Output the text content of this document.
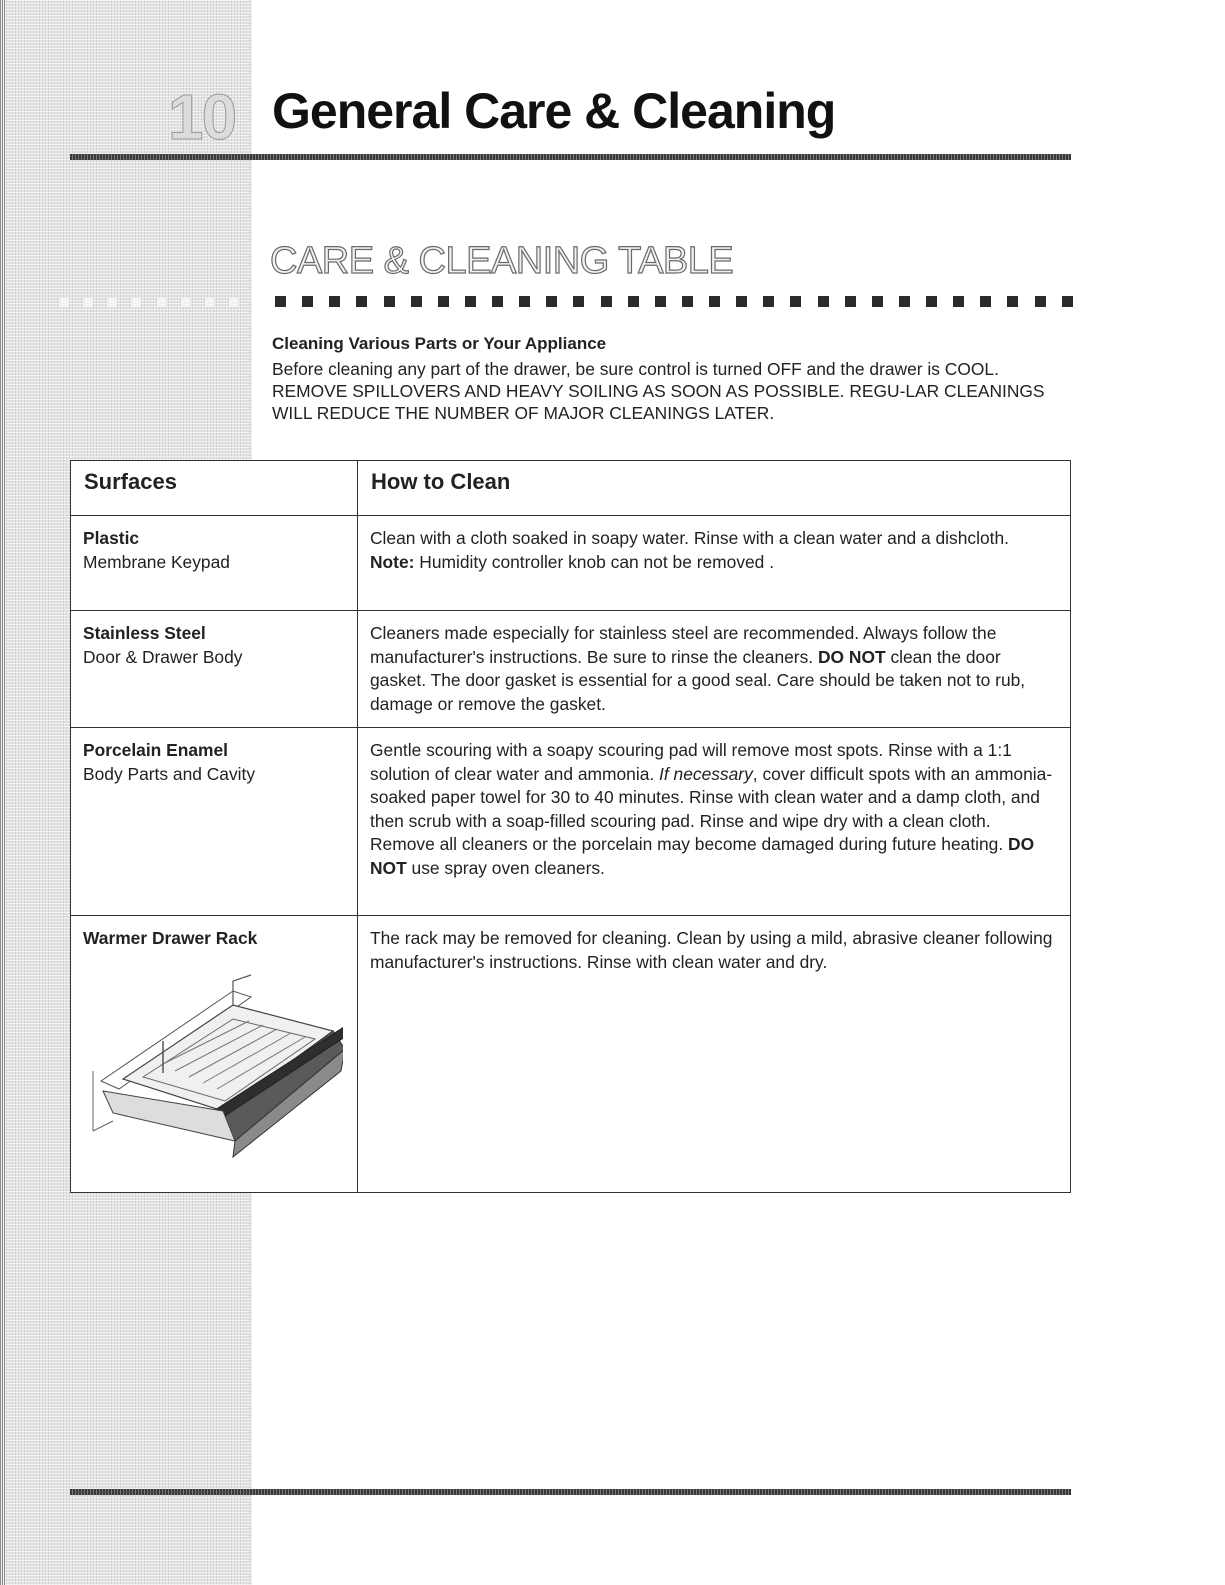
10 General Care & Cleaning
CARE & CLEANING TABLE

Cleaning Various Parts or Your Appliance

Before cleaning any part of the drawer, be sure control is turned OFF and the drawer is COOL. REMOVE SPILLOVERS AND HEAVY SOILING AS SOON AS POSSIBLE. REGU-LAR CLEANINGS WILL REDUCE THE NUMBER OF MAJOR CLEANINGS LATER.

Surfaces	How to Clean

Plastic
Membrane Keypad	Clean with a cloth soaked in soapy water. Rinse with a clean water and a dishcloth.
Note: Humidity controller knob can not be removed .

Stainless Steel
Door & Drawer Body	Cleaners made especially for stainless steel are recommended. Always follow the manufacturer's instructions. Be sure to rinse the cleaners. DO NOT clean the door gasket. The door gasket is essential for a good seal. Care should be taken not to rub, damage or remove the gasket.

Porcelain Enamel
Body Parts and Cavity	Gentle scouring with a soapy scouring pad will remove most spots. Rinse with a 1:1 solution of clear water and ammonia. If necessary, cover difficult spots with an ammonia-soaked paper towel for 30 to 40 minutes. Rinse with clean water and a damp cloth, and then scrub with a soap-filled scouring pad. Rinse and wipe dry with a clean cloth. Remove all cleaners or the porcelain may become damaged during future heating. DO NOT use spray oven cleaners.

Warmer Drawer Rack	The rack may be removed for cleaning. Clean by using a mild, abrasive cleaner following manufacturer's instructions. Rinse with clean water and dry.
